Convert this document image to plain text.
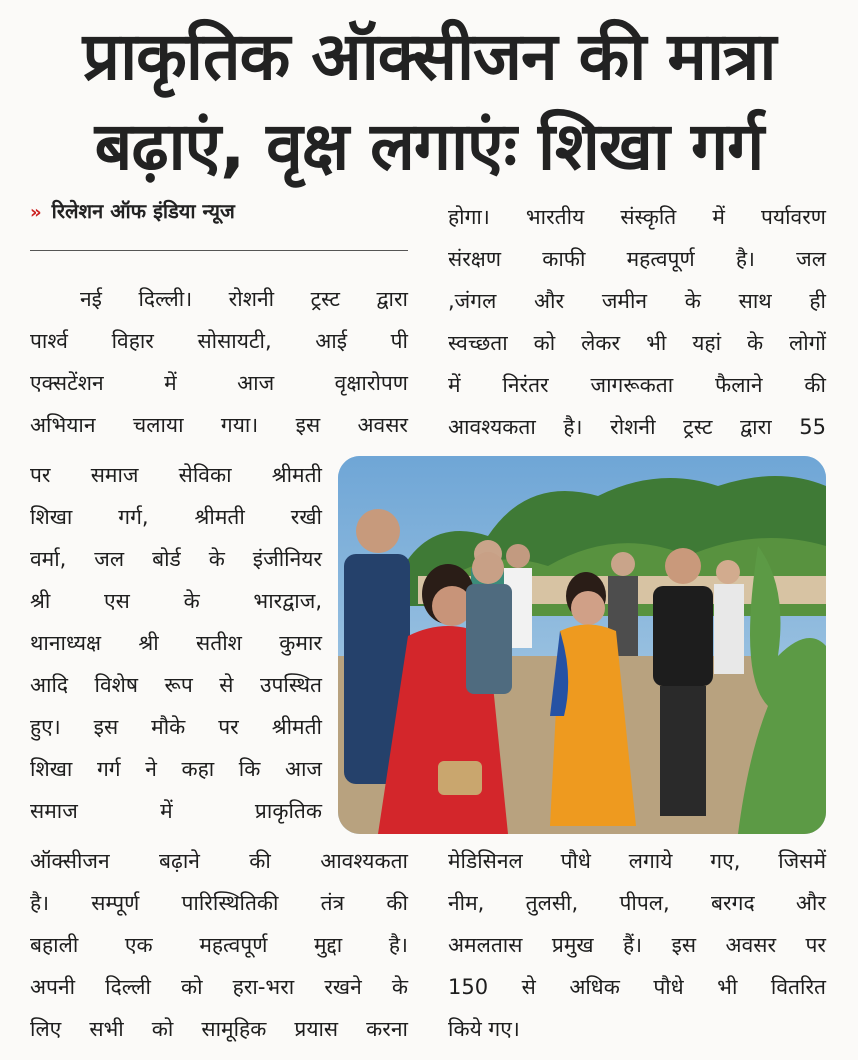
प्राकृतिक ऑक्सीजन की मात्रा
बढ़ाएं, वृक्ष लगाएंः शिखा गर्ग
» रिलेशन ऑफ इंडिया न्यूज
नई दिल्ली। रोशनी ट्रस्ट द्वारा
पार्श्व विहार सोसायटी, आई पी
एक्सटेंशन में आज वृक्षारोपण
अभियान चलाया गया। इस अवसर
पर समाज सेविका श्रीमती
शिखा गर्ग, श्रीमती रखी
वर्मा, जल बोर्ड के इंजीनियर
श्री एस के भारद्वाज,
थानाध्यक्ष श्री सतीश कुमार
आदि विशेष रूप से उपस्थित
हुए। इस मौके पर श्रीमती
शिखा गर्ग ने कहा कि आज
समाज में प्राकृतिक
ऑक्सीजन बढ़ाने की आवश्यकता
है। सम्पूर्ण पारिस्थितिकी तंत्र की
बहाली एक महत्वपूर्ण मुद्दा है।
अपनी दिल्ली को हरा-भरा रखने के
लिए सभी को सामूहिक प्रयास करना
होगा। भारतीय संस्कृति में पर्यावरण
संरक्षण काफी महत्वपूर्ण है। जल
,जंगल और जमीन के साथ ही
स्वच्छता को लेकर भी यहां के लोगों
में निरंतर जागरूकता फैलाने की
आवश्यकता है। रोशनी ट्रस्ट द्वारा 55
मेडिसिनल पौधे लगाये गए, जिसमें
नीम, तुलसी, पीपल, बरगद और
अमलतास प्रमुख हैं। इस अवसर पर
150 से अधिक पौधे भी वितरित
किये गए।
